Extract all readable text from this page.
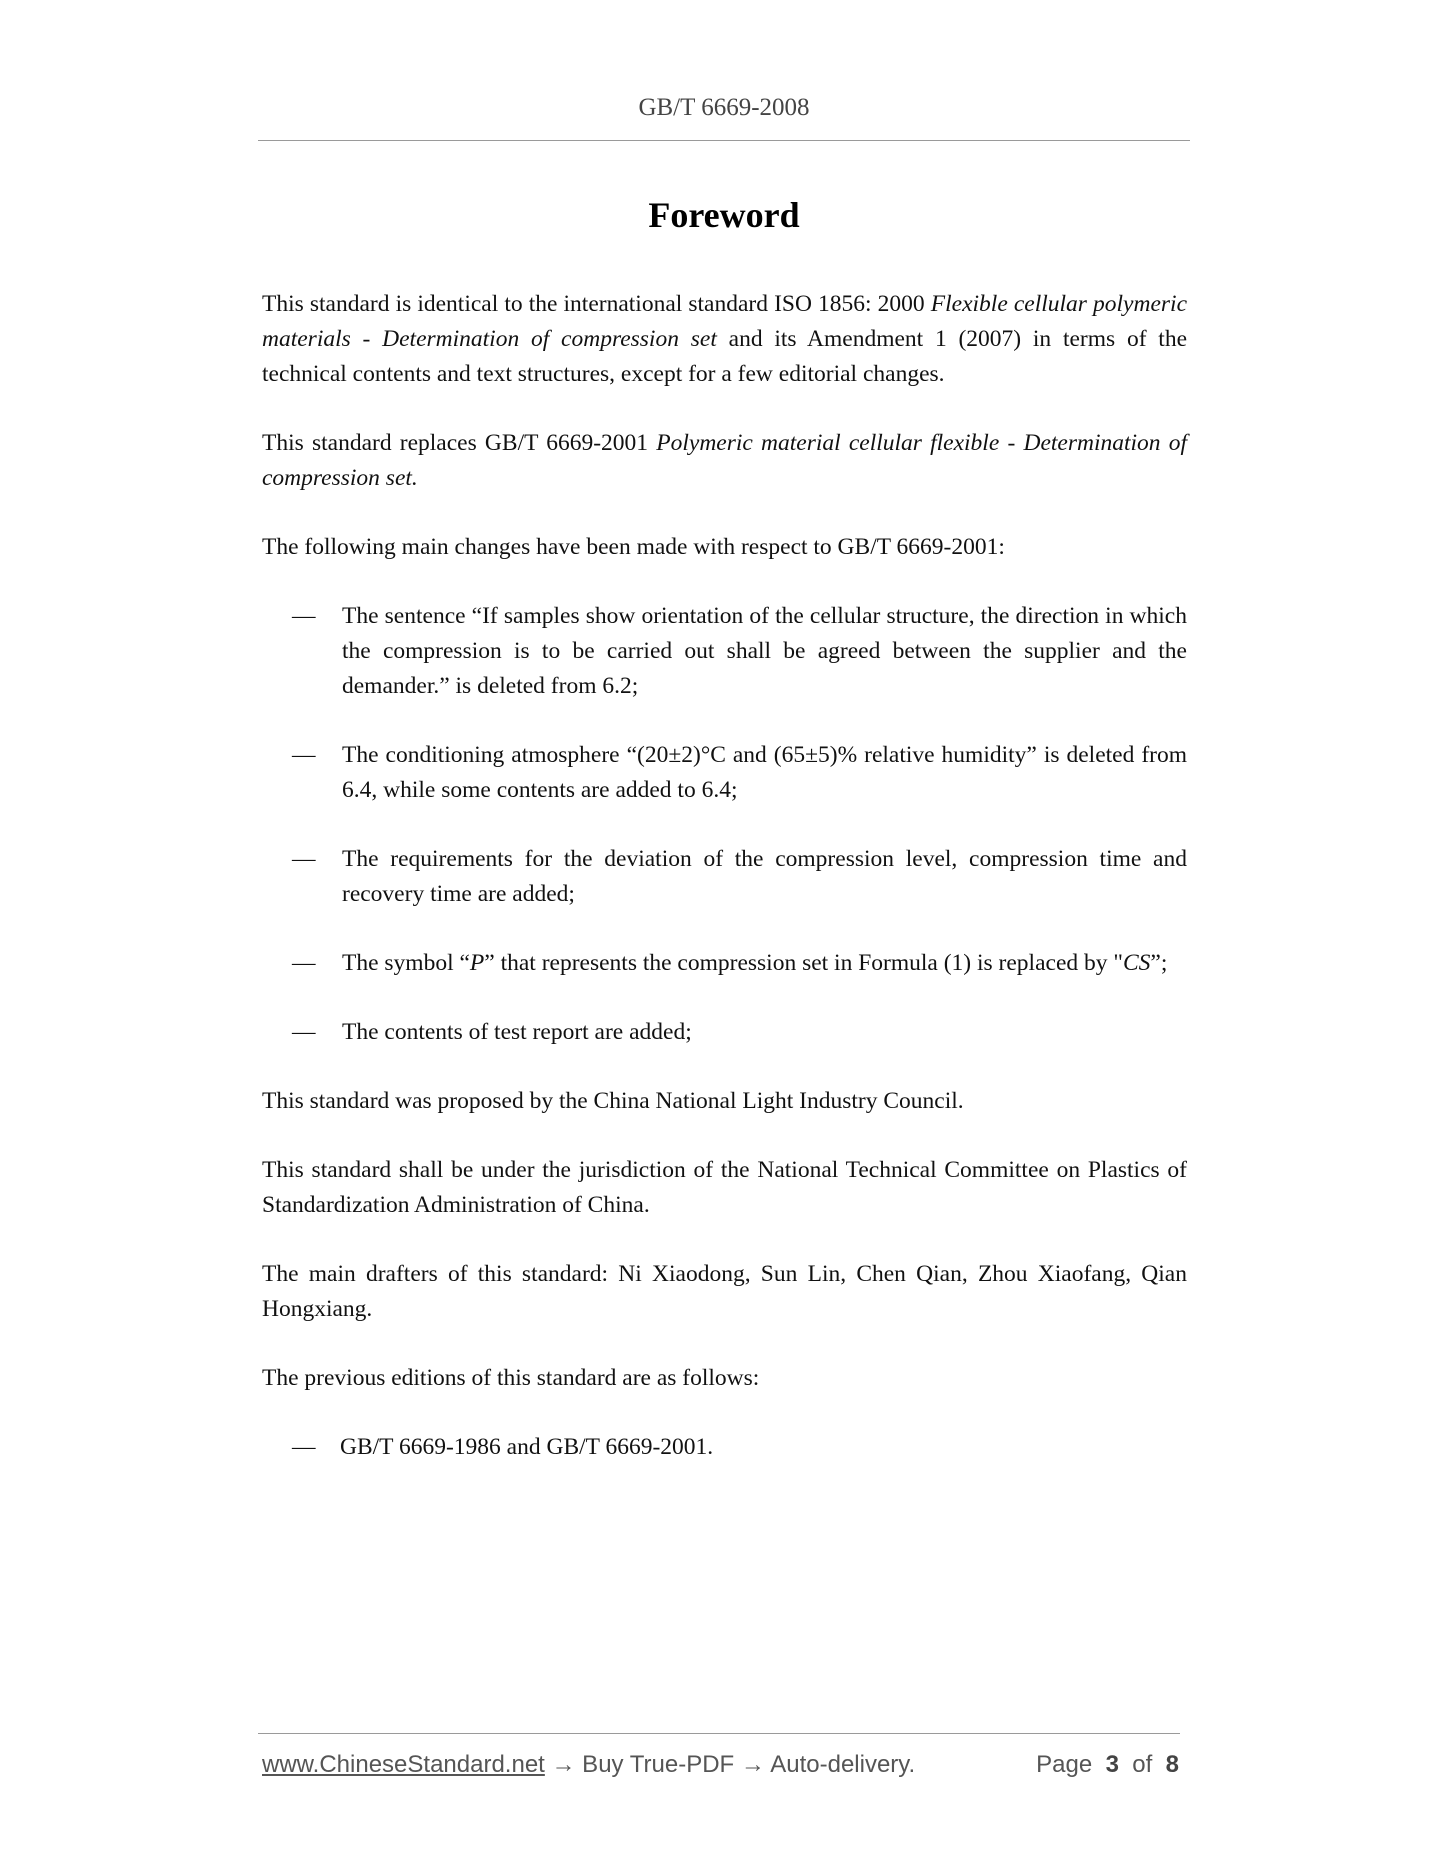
GB/T 6669-2008
Foreword

This standard is identical to the international standard ISO 1856: 2000 Flexible cellular polymeric materials - Determination of compression set and its Amendment 1 (2007) in terms of the technical contents and text structures, except for a few editorial changes.

This standard replaces GB/T 6669-2001 Polymeric material cellular flexible - Determination of compression set.

The following main changes have been made with respect to GB/T 6669-2001:

— The sentence “If samples show orientation of the cellular structure, the direction in which the compression is to be carried out shall be agreed between the supplier and the demander.” is deleted from 6.2;
— The conditioning atmosphere “(20±2)°C and (65±5)% relative humidity” is deleted from 6.4, while some contents are added to 6.4;
— The requirements for the deviation of the compression level, compression time and recovery time are added;
— The symbol “P” that represents the compression set in Formula (1) is replaced by "CS”;
— The contents of test report are added;

This standard was proposed by the China National Light Industry Council.

This standard shall be under the jurisdiction of the National Technical Committee on Plastics of Standardization Administration of China.

The main drafters of this standard: Ni Xiaodong, Sun Lin, Chen Qian, Zhou Xiaofang, Qian Hongxiang.

The previous editions of this standard are as follows:

— GB/T 6669-1986 and GB/T 6669-2001.
www.ChineseStandard.net → Buy True-PDF → Auto-delivery.	Page 3 of 8
